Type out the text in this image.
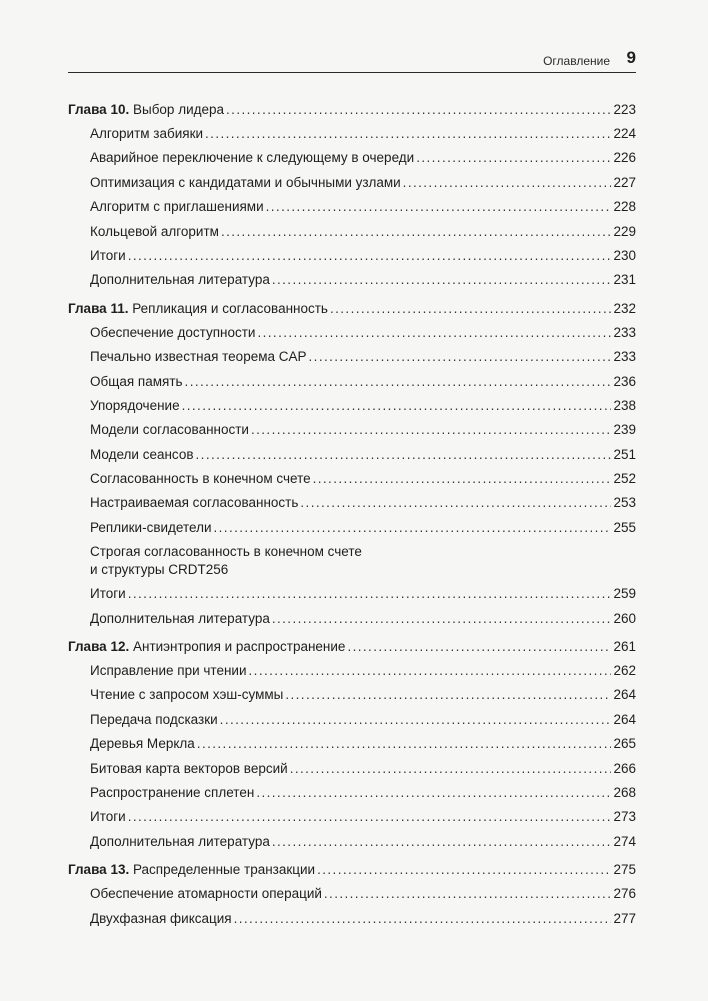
Оглавление 9
Глава 10. Выбор лидера .....	223
Алгоритм забияки .....	224
Аварийное переключение к следующему в очереди .....	226
Оптимизация с кандидатами и обычными узлами .....	227
Алгоритм с приглашениями .....	228
Кольцевой алгоритм .....	229
Итоги .....	230
Дополнительная литература .....	231
Глава 11. Репликация и согласованность .....	232
Обеспечение доступности .....	233
Печально известная теорема CAP .....	233
Общая память .....	236
Упорядочение .....	238
Модели согласованности .....	239
Модели сеансов .....	251
Согласованность в конечном счете .....	252
Настраиваемая согласованность .....	253
Реплики-свидетели .....	255
Строгая согласованность в конечном счете
и структуры CRDT 256
Итоги .....	259
Дополнительная литература .....	260
Глава 12. Антиэнтропия и распространение .....	261
Исправление при чтении .....	262
Чтение с запросом хэш-суммы .....	264
Передача подсказки .....	264
Деревья Меркла .....	265
Битовая карта векторов версий .....	266
Распространение сплетен .....	268
Итоги .....	273
Дополнительная литература .....	274
Глава 13. Распределенные транзакции .....	275
Обеспечение атомарности операций .....	276
Двухфазная фиксация .....	277
